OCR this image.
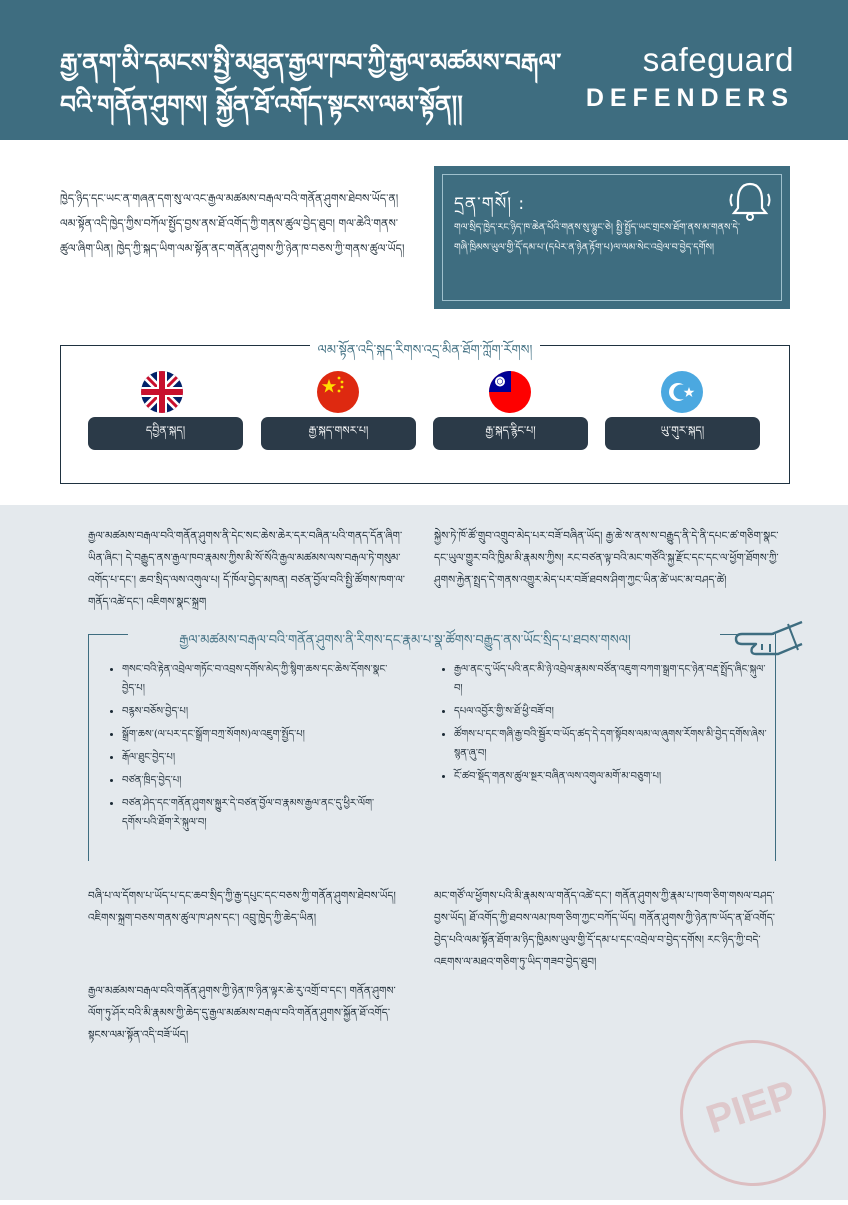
རྒྱ་ནག་མི་དམངས་སྤྱི་མཐུན་རྒྱལ་ཁབ་ཀྱི་རྒྱལ་མཚམས་བརྒལ་བའི་གནོན་ཤུགས། སྐྱོན་ཐོ་འགོད་སྟངས་ལམ་སྟོན།།
safeguard
DEFENDERS
ཁྱེད་ཉིད་དང་ཡང་ན་གཞན་དག་སུ་ལ་འང་རྒྱལ་མཚམས་བརྒལ་བའི་གནོན་ཤུགས་ཐེབས་ཡོད་ན། ལམ་སྟོན་འདི་ཁྱེད་ཀྱིས་བཀོལ་སྤྱོད་བྱས་ནས་ཐོ་འགོད་ཀྱི་གནས་ཚུལ་བྱེད་ཐུབ། གལ་ཆེའི་གནས་ཚུལ་ཞིག་ཡིན། ཁྱེད་ཀྱི་སྐད་ཡིག་ལམ་སྟོན་ནང་གནོན་ཤུགས་ཀྱི་ཉེན་ཁ་བཅས་ཀྱི་གནས་ཚུལ་ཡོད།
དྲན་གསོ། :
གལ་སྲིད་ཁྱེད་རང་ཉིད་ཁ་ཆེན་པོའི་གནས་སུ་ལྷུང་ཅེ། སྤྱི་སྤྱོད་ཡང་གྲངས་ཐོག་ནས་མ་གནས་དེ་གཞི་ཁྲིམས་ཡུལ་གྱི་དོ་དམ་པ་(དཔེར་ན་ཉེན་རྟོག་པ)ལ་ལམ་སེང་འབྲེལ་བ་བྱེད་དགོས།
ལམ་སྟོན་འདི་སྐད་རིགས་འདྲ་མིན་ཐོག་ཀློག་རོགས།
དབྱིན་སྐད།	རྒྱ་སྐད་གསར་པ།	རྒྱ་སྐད་རྙིང་པ།	ཡུ་གུར་སྐད།
རྒྱལ་མཚམས་བརྒལ་བའི་གནོན་ཤུགས་ནི་དེང་སང་ཆེས་ཆེར་དར་བཞིན་པའི་གནད་དོན་ཞིག་ཡིན་ཞིང་། དེ་བརྒྱུད་ནས་རྒྱལ་ཁབ་རྣམས་ཀྱིས་མི་སོ་སོའི་རྒྱལ་མཚམས་ལས་བརྒལ་ཏེ་གསུམ་འགོད་པ་དང་། ཆབ་སྲིད་ལས་འགུལ་པ། དོ་ཁོལ་བྱེད་མཁན། བཙན་བྱོལ་བའི་སྤྱི་ཚོགས་ཁག་ལ་གནོད་འཚེ་དང་། འཇིགས་སྣང་སྐྲག
སྐྱེས་ཏེ་ཁོ་ཚོ་གྲུབ་འགྲུབ་མེད་པར་བཟོ་བཞིན་ཡོད། རྒྱ་ཆེ་ས་ནས་ས་བརྒྱུད་ནི་དེ་ནི་དཔང་ཚ་གཅིག་སྣང་དང་ཡུལ་གྱུར་བའི་ཁྱིམ་མི་རྣམས་ཀྱིས། རང་བཙན་ལྟ་བའི་མང་གཙོའི་སྐྱ་རྫོང་དང་དང་ལ་ཕྱོག་ཐོགས་ཀྱི་ཤུགས་རྐྱེན་སྤྲད་དེ་གནས་འགྱུར་མེད་པར་བཟོ་ཐབས་ཤིག་ཀྱང་ཡིན་ཚེ་ཡང་མ་བཤད་ཚེ།
རྒྱལ་མཚམས་བརྒལ་བའི་གནོན་ཤུགས་ནི་རིགས་དང་རྣམ་པ་སྣ་ཚོགས་བརྒྱུད་ནས་ཡོང་སྲིད་པ་ཐབས་གསལ།
• གསང་བའི་རྟེན་འབྲེལ་གཏོང་བ་འབྲས་དགོས་མེད་ཀྱི་སྙིག་ཆས་དང་ཆེས་དོགས་སྣང་བྱེད་པ།
• བརྙས་བཅོས་བྱེད་པ།
• སྒྲོག་ཆས་(ལ་པར་དང་སྒྲོག་བཀྲ་སོགས)ལ་འཇུག་སྤྱོད་པ།
• རྒོལ་ཐུང་བྱེད་པ།
• བཙན་ཁྲིད་བྱེད་པ།
• བཙན་ཤེད་དང་གནོན་ཤུགས་སྐྱུར་དེ་བཙན་བྱོལ་བ་རྣམས་རྒྱལ་ནང་དུ་ཕྱིར་ལོག་དགོས་པའི་ཐོག་རེ་སྐུལ་བ།
• རྒྱལ་ནང་དུ་ཡོད་པའི་ནང་མི་ཉེ་འབྲེལ་རྣམས་བཙོན་འཇུག་བཀག་སྒྲག་དང་ཉེན་བརྡ་སྤྲོད་ཞིང་སྐུལ་བ།
• དཔལ་འབྱོར་གྱི་ས་ཐོ་ཕྱི་བཟོ་བ།
• ཚོགས་པ་དང་གཞི་རྒྱ་བའི་སྦྱོར་བ་ཡོད་ཚད་དེ་དག་སྟོབས་ལམ་ལ་ཞུགས་རོགས་མི་བྱེད་དགོས་ཞེས་སྙན་ཞུ་བ།
• ངོ་ཚབ་སྡོད་གནས་ཚུལ་སྔར་བཞིན་ལས་འགུལ་མགོ་མ་བཅུག་པ།
བཞི་པ་ལ་དོགས་པ་ཡོད་པ་དང་ཆབ་སྲིད་ཀྱི་རྒྱ་དཔུང་དང་བཅས་ཀྱི་གནོན་ཤུགས་ཐེབས་ཡོད། འཇིགས་སྐྲག་བཅས་གནས་ཚུལ་ཁ་ཤས་དང་། འབྲུ་ཁྱེད་ཀྱི་ཆེད་ཡིན།
རྒྱལ་མཚམས་བརྒལ་བའི་གནོན་ཤུགས་ཀྱི་ཉེན་ཁ་ཉིན་ལྟར་ཆེ་རུ་འགྲོ་བ་དང་། གནོན་ཤུགས་ལོག་ཏུ་ཤོར་བའི་མི་རྣམས་ཀྱི་ཆེད་དུ་རྒྱལ་མཚམས་བརྒལ་བའི་གནོན་ཤུགས་སྐྱོན་ཐོ་འགོད་སྟངས་ལམ་སྟོན་འདི་བཟོ་ཡོད།
མང་གཙོ་ལ་ཕྱོགས་པའི་མི་རྣམས་ལ་གནོད་འཚེ་དང་། གནོན་ཤུགས་ཀྱི་རྣམ་པ་ཁག་ཅིག་གསལ་བཤད་བྱས་ཡོད། ཐོ་འགོད་ཀྱི་ཐབས་ལམ་ཁག་ཅིག་ཀྱང་བཀོད་ཡོད། གནོན་ཤུགས་ཀྱི་ཉེན་ཁ་ཡོད་ན་ཐོ་འགོད་བྱེད་པའི་ལམ་སྟོན་ཐོག་མ་ཉིད་ཁྱིམས་ཡུལ་གྱི་དོ་དམ་པ་དང་འབྲེལ་བ་བྱེད་དགོས། རང་ཉིད་ཀྱི་བདེ་འཇགས་ལ་མཐའ་གཅིག་ཏུ་ཡིད་གཟབ་བྱེད་ཐུབ།
PIEP
